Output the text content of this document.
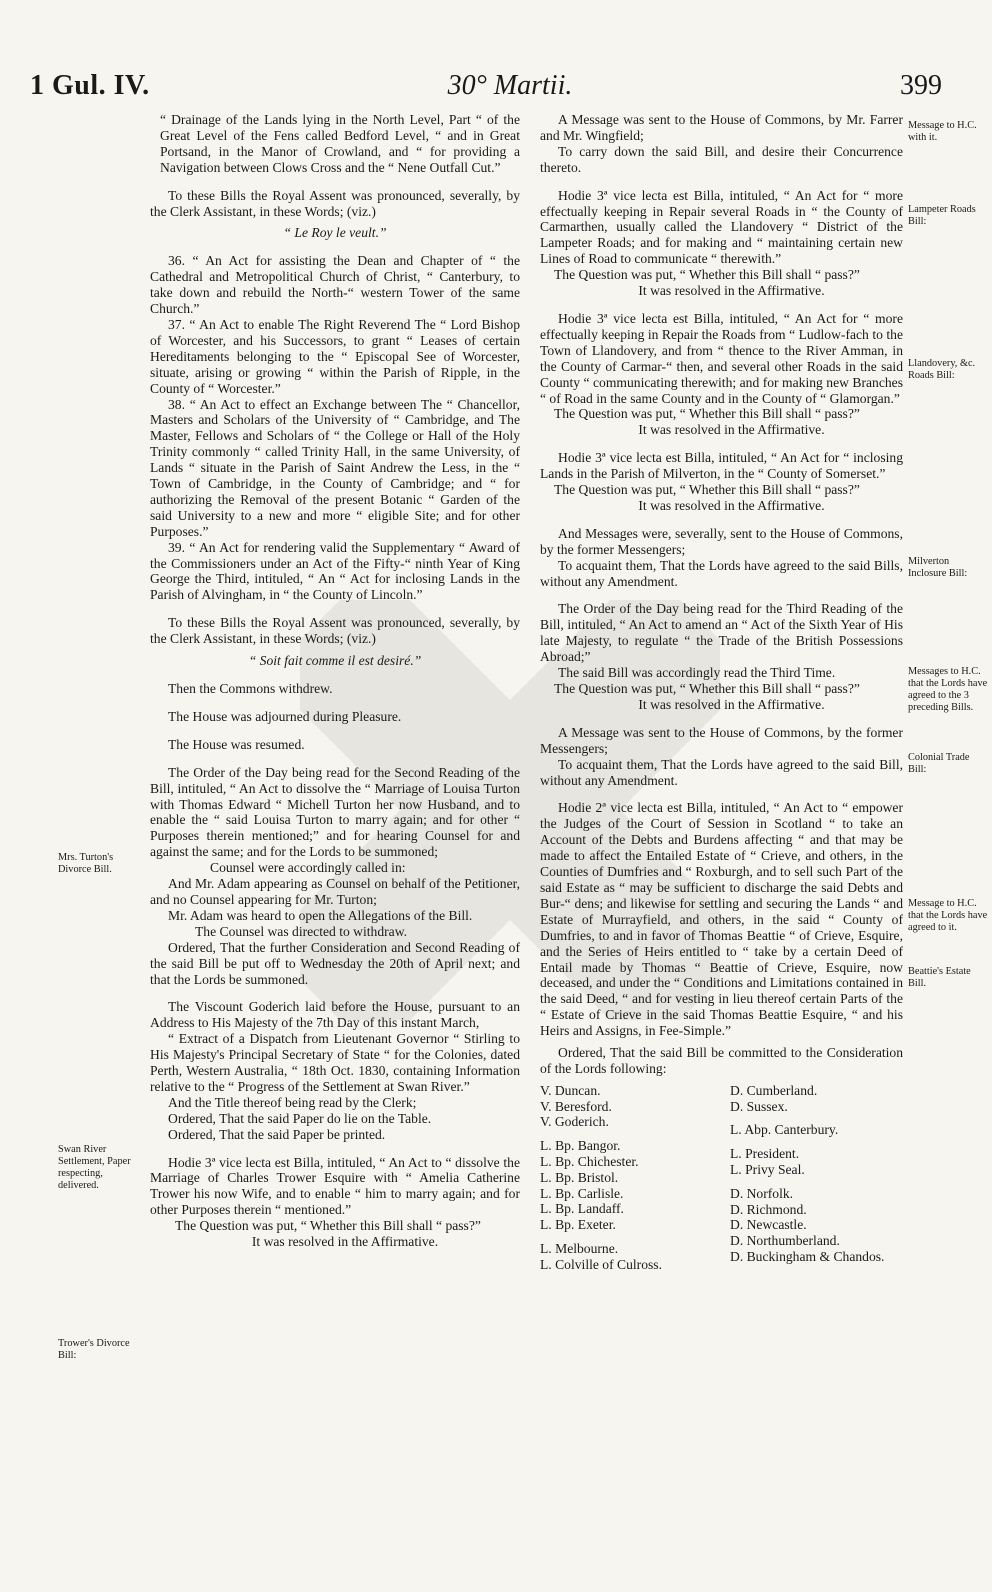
1 Gul. IV.	30° Martii.	399

“ Drainage of the Lands lying in the North Level, Part “ of the Great Level of the Fens called Bedford Level, “ and in Great Portsand, in the Manor of Crowland, and “ for providing a Navigation between Clows Cross and the “ Nene Outfall Cut.”

To these Bills the Royal Assent was pronounced, severally, by the Clerk Assistant, in these Words; (viz.)

“ Le Roy le veult.”

36. “ An Act for assisting the Dean and Chapter of “ the Cathedral and Metropolitical Church of Christ, “ Canterbury, to take down and rebuild the North-“ western Tower of the same Church.”

37. “ An Act to enable The Right Reverend The “ Lord Bishop of Worcester, and his Successors, to grant “ Leases of certain Hereditaments belonging to the “ Episcopal See of Worcester, situate, arising or growing “ within the Parish of Ripple, in the County of “ Worcester.”

38. “ An Act to effect an Exchange between The “ Chancellor, Masters and Scholars of the University of “ Cambridge, and The Master, Fellows and Scholars of “ the College or Hall of the Holy Trinity commonly “ called Trinity Hall, in the same University, of Lands “ situate in the Parish of Saint Andrew the Less, in the “ Town of Cambridge, in the County of Cambridge; and “ for authorizing the Removal of the present Botanic “ Garden of the said University to a new and more “ eligible Site; and for other Purposes.”

39. “ An Act for rendering valid the Supplementary “ Award of the Commissioners under an Act of the Fifty-“ ninth Year of King George the Third, intituled, “ An “ Act for inclosing Lands in the Parish of Alvingham, in “ the County of Lincoln.”

To these Bills the Royal Assent was pronounced, severally, by the Clerk Assistant, in these Words; (viz.)

“ Soit fait comme il est desiré.”

Then the Commons withdrew.

The House was adjourned during Pleasure.

The House was resumed.

The Order of the Day being read for the Second Reading of the Bill, intituled, “ An Act to dissolve the “ Marriage of Louisa Turton with Thomas Edward “ Michell Turton her now Husband, and to enable the “ said Louisa Turton to marry again; and for other “ Purposes therein mentioned;” and for hearing Counsel for and against the same; and for the Lords to be summoned;

Counsel were accordingly called in:

And Mr. Adam appearing as Counsel on behalf of the Petitioner, and no Counsel appearing for Mr. Turton;

Mr. Adam was heard to open the Allegations of the Bill.

The Counsel was directed to withdraw.

Ordered, That the further Consideration and Second Reading of the said Bill be put off to Wednesday the 20th of April next; and that the Lords be summoned.

The Viscount Goderich laid before the House, pursuant to an Address to His Majesty of the 7th Day of this instant March,

“ Extract of a Dispatch from Lieutenant Governor “ Stirling to His Majesty's Principal Secretary of State “ for the Colonies, dated Perth, Western Australia, “ 18th Oct. 1830, containing Information relative to the “ Progress of the Settlement at Swan River.”

And the Title thereof being read by the Clerk;

Ordered, That the said Paper do lie on the Table.

Ordered, That the said Paper be printed.

Hodie 3ª vice lecta est Billa, intituled, “ An Act to “ dissolve the Marriage of Charles Trower Esquire with “ Amelia Catherine Trower his now Wife, and to enable “ him to marry again; and for other Purposes therein “ mentioned.”

The Question was put, “ Whether this Bill shall “ pass?”

It was resolved in the Affirmative.

A Message was sent to the House of Commons, by Mr. Farrer and Mr. Wingfield;

To carry down the said Bill, and desire their Concurrence thereto.

Hodie 3ª vice lecta est Billa, intituled, “ An Act for “ more effectually keeping in Repair several Roads in “ the County of Carmarthen, usually called the Llandovery “ District of the Lampeter Roads; and for making and “ maintaining certain new Lines of Road to communicate “ therewith.”

The Question was put, “ Whether this Bill shall “ pass?”

It was resolved in the Affirmative.

Hodie 3ª vice lecta est Billa, intituled, “ An Act for “ more effectually keeping in Repair the Roads from “ Ludlow-fach to the Town of Llandovery, and from “ thence to the River Amman, in the County of Carmar-“ then, and several other Roads in the said County “ communicating therewith; and for making new Branches “ of Road in the same County and in the County of “ Glamorgan.”

The Question was put, “ Whether this Bill shall “ pass?”

It was resolved in the Affirmative.

Hodie 3ª vice lecta est Billa, intituled, “ An Act for “ inclosing Lands in the Parish of Milverton, in the “ County of Somerset.”

The Question was put, “ Whether this Bill shall “ pass?”

It was resolved in the Affirmative.

And Messages were, severally, sent to the House of Commons, by the former Messengers;

To acquaint them, That the Lords have agreed to the said Bills, without any Amendment.

The Order of the Day being read for the Third Reading of the Bill, intituled, “ An Act to amend an “ Act of the Sixth Year of His late Majesty, to regulate “ the Trade of the British Possessions Abroad;”

The said Bill was accordingly read the Third Time.

The Question was put, “ Whether this Bill shall “ pass?”

It was resolved in the Affirmative.

A Message was sent to the House of Commons, by the former Messengers;

To acquaint them, That the Lords have agreed to the said Bill, without any Amendment.

Hodie 2ª vice lecta est Billa, intituled, “ An Act to “ empower the Judges of the Court of Session in Scotland “ to take an Account of the Debts and Burdens affecting “ and that may be made to affect the Entailed Estate of “ Crieve, and others, in the Counties of Dumfries and “ Roxburgh, and to sell such Part of the said Estate as “ may be sufficient to discharge the said Debts and Bur-“ dens; and likewise for settling and securing the Lands “ and Estate of Murrayfield, and others, in the said “ County of Dumfries, to and in favor of Thomas Beattie “ of Crieve, Esquire, and the Series of Heirs entitled to “ take by a certain Deed of Entail made by Thomas “ Beattie of Crieve, Esquire, now deceased, and under the “ Conditions and Limitations contained in the said Deed, “ and for vesting in lieu thereof certain Parts of the “ Estate of Crieve in the said Thomas Beattie Esquire, “ and his Heirs and Assigns, in Fee-Simple.”

Ordered, That the said Bill be committed to the Consideration of the Lords following:

V. Duncan.
V. Beresford.
V. Goderich.
L. Bp. Bangor.
L. Bp. Chichester.
L. Bp. Bristol.
L. Bp. Carlisle.
L. Bp. Landaff.
L. Bp. Exeter.
L. Melbourne.
L. Colville of Culross.
D. Cumberland.
D. Sussex.
L. Abp. Canterbury.
L. President.
L. Privy Seal.
D. Norfolk.
D. Richmond.
D. Newcastle.
D. Northumberland.
D. Buckingham & Chandos.
Mrs. Turton's Divorce Bill.
Swan River Settlement, Paper respecting, delivered.
Trower's Divorce Bill:
Message to H.C. with it.
Lampeter Roads Bill:
Llandovery, &c. Roads Bill:
Milverton Inclosure Bill:
Messages to H.C. that the Lords have agreed to the 3 preceding Bills.
Colonial Trade Bill:
Message to H.C. that the Lords have agreed to it.
Beattie's Estate Bill.
